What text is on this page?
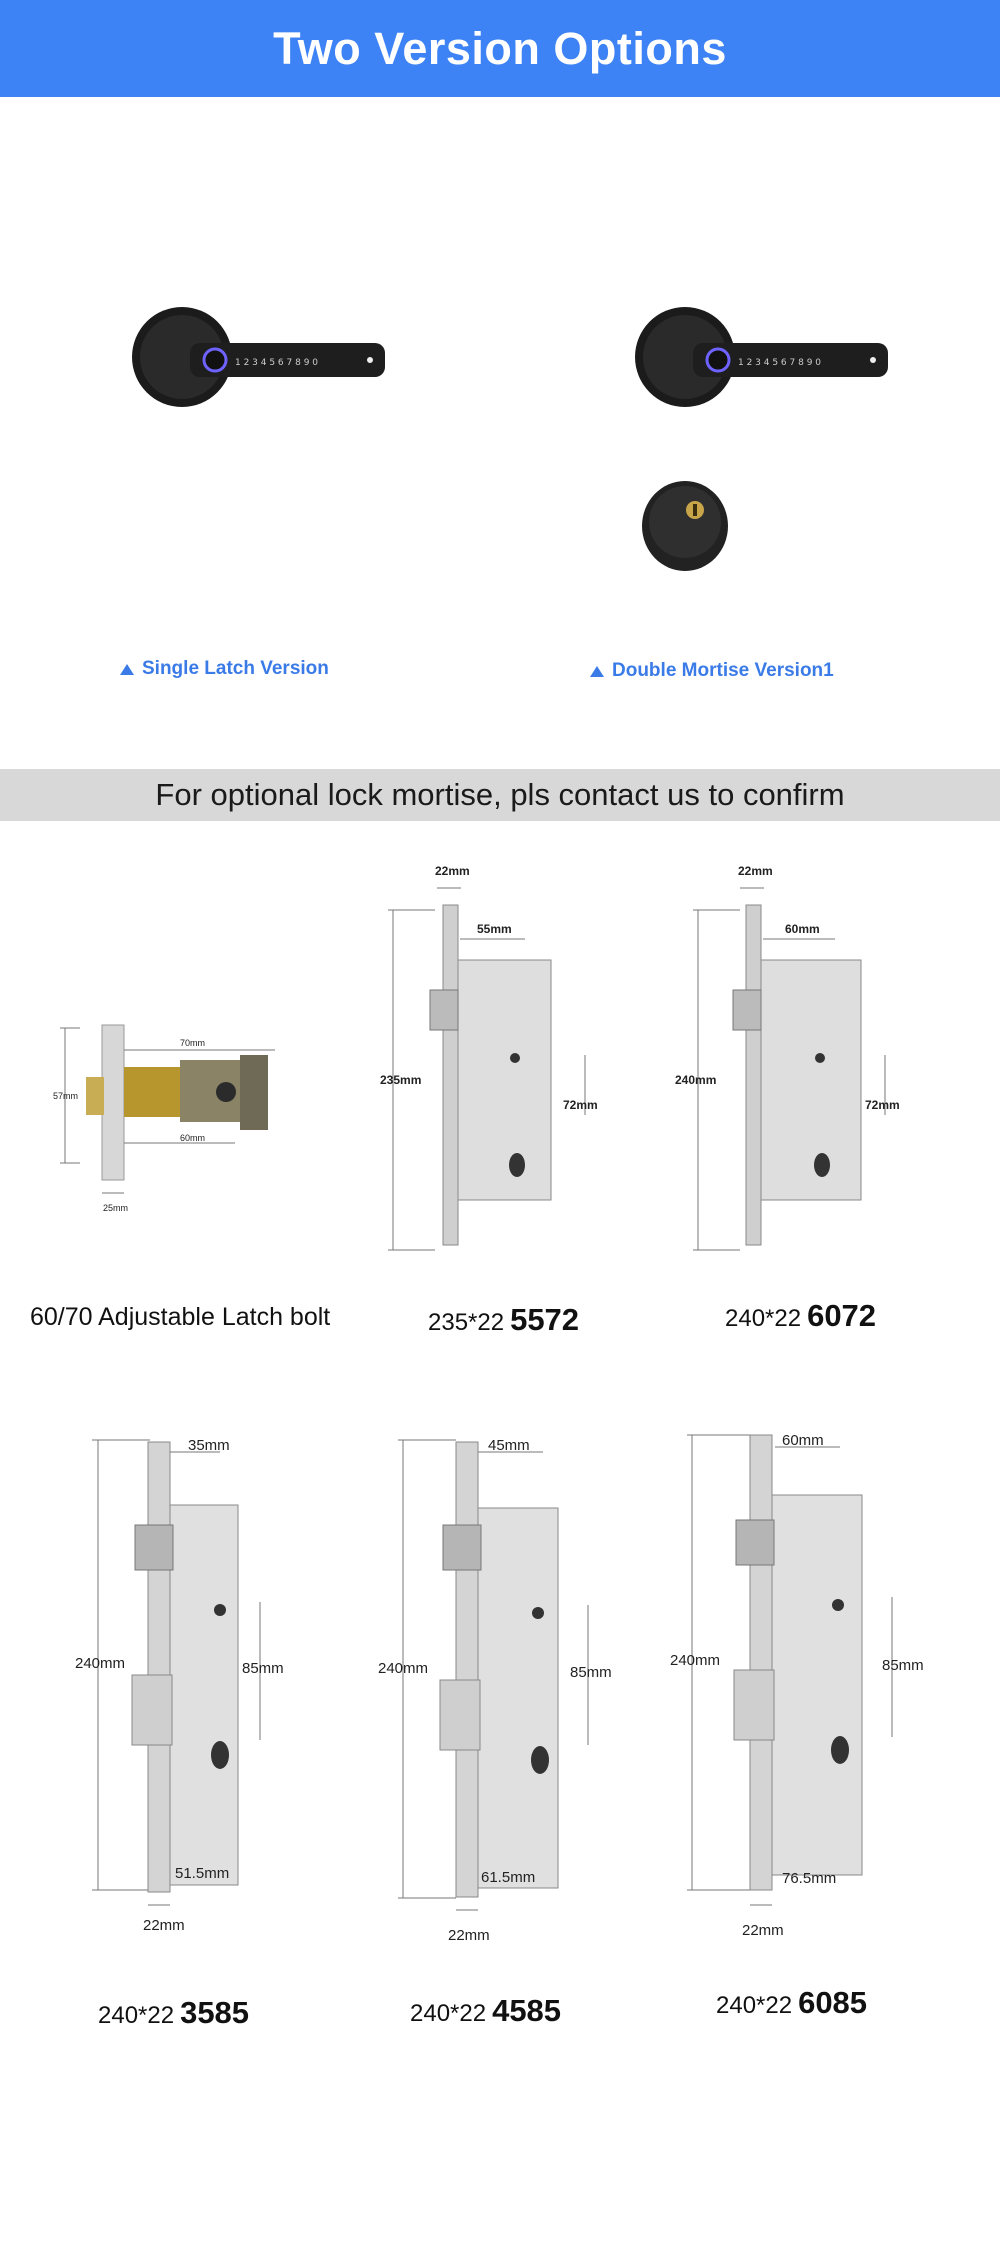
Two Version Options
1 2 3 4 5 6 7 8 9 0	1 2 3 4 5 6 7 8 9 0
Single Latch Version	Double Mortise Version1
For optional lock mortise, pls contact us to confirm
57mm
70mm
60mm
25mm
60/70 Adjustable Latch bolt
22mm
235mm
55mm
72mm
235*22 5572
22mm
240mm
60mm
72mm
240*22 6072
35mm
240mm	85mm
51.5mm
22mm
240*22 3585
45mm
240mm	85mm
61.5mm
22mm
240*22 4585
60mm
240mm	85mm
76.5mm
22mm
240*22 6085
